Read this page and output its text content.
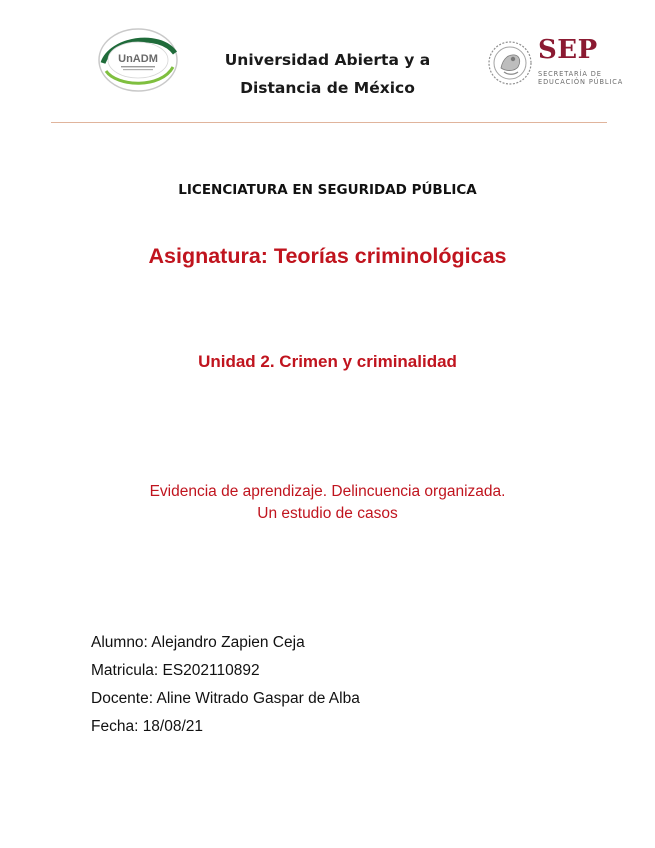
UnADM	Universidad Abierta y a
Distancia de México
SEP
SECRETARÍA DE
EDUCACIÓN PÚBLICA
LICENCIATURA EN SEGURIDAD PÚBLICA
Asignatura: Teorías criminológicas
Unidad 2. Crimen y criminalidad
Evidencia de aprendizaje. Delincuencia organizada.
Un estudio de casos
Alumno: Alejandro Zapien Ceja
Matricula: ES202110892
Docente: Aline Witrado Gaspar de Alba
Fecha: 18/08/21
